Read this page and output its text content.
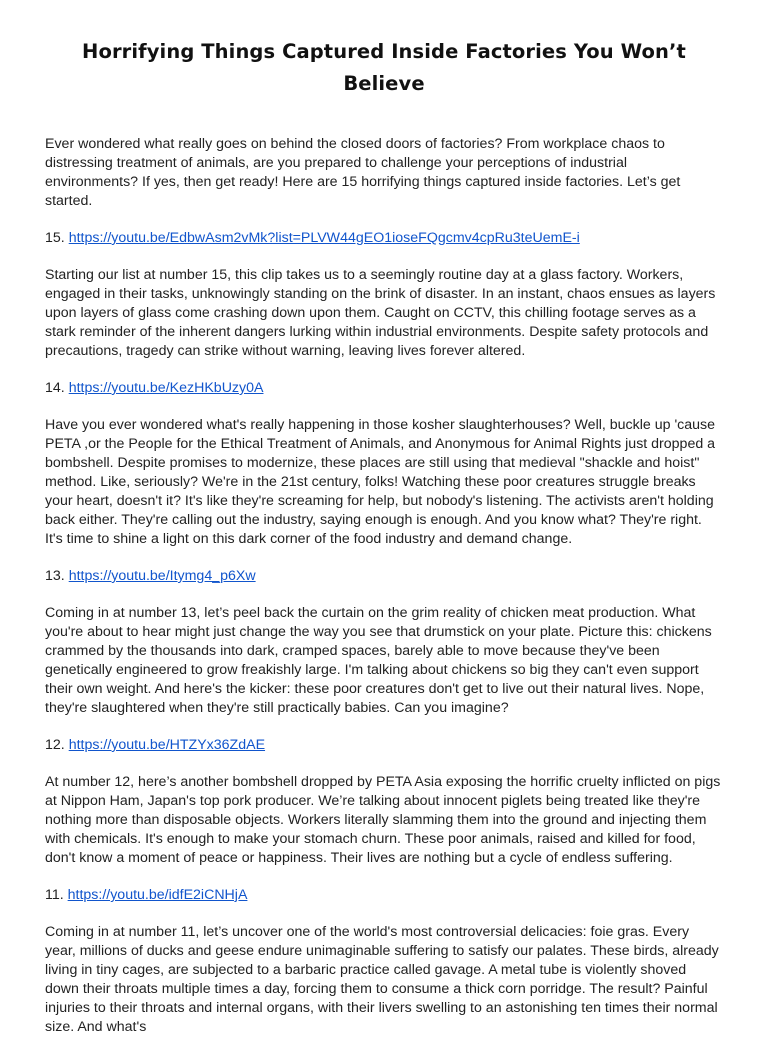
Horrifying Things Captured Inside Factories You Won’t Believe

Ever wondered what really goes on behind the closed doors of factories? From workplace chaos to distressing treatment of animals, are you prepared to challenge your perceptions of industrial environments? If yes, then get ready! Here are 15 horrifying things captured inside factories. Let’s get started.

15. https://youtu.be/EdbwAsm2vMk?list=PLVW44gEO1ioseFQgcmv4cpRu3teUemE-i

Starting our list at number 15, this clip takes us to a seemingly routine day at a glass factory. Workers, engaged in their tasks, unknowingly standing on the brink of disaster. In an instant, chaos ensues as layers upon layers of glass come crashing down upon them. Caught on CCTV, this chilling footage serves as a stark reminder of the inherent dangers lurking within industrial environments. Despite safety protocols and precautions, tragedy can strike without warning, leaving lives forever altered.

14. https://youtu.be/KezHKbUzy0A

Have you ever wondered what's really happening in those kosher slaughterhouses? Well, buckle up 'cause PETA ,or the People for the Ethical Treatment of Animals, and Anonymous for Animal Rights just dropped a bombshell. Despite promises to modernize, these places are still using that medieval "shackle and hoist" method. Like, seriously? We're in the 21st century, folks! Watching these poor creatures struggle breaks your heart, doesn't it? It's like they're screaming for help, but nobody's listening. The activists aren't holding back either. They're calling out the industry, saying enough is enough. And you know what? They're right. It's time to shine a light on this dark corner of the food industry and demand change.

13. https://youtu.be/Itymg4_p6Xw

Coming in at number 13, let’s peel back the curtain on the grim reality of chicken meat production. What you're about to hear might just change the way you see that drumstick on your plate. Picture this: chickens crammed by the thousands into dark, cramped spaces, barely able to move because they've been genetically engineered to grow freakishly large. I'm talking about chickens so big they can't even support their own weight. And here's the kicker: these poor creatures don't get to live out their natural lives. Nope, they're slaughtered when they're still practically babies. Can you imagine?

12. https://youtu.be/HTZYx36ZdAE

At number 12, here’s another bombshell dropped by PETA Asia exposing the horrific cruelty inflicted on pigs at Nippon Ham, Japan's top pork producer. We’re talking about innocent piglets being treated like they're nothing more than disposable objects. Workers literally slamming them into the ground and injecting them with chemicals. It's enough to make your stomach churn. These poor animals, raised and killed for food, don't know a moment of peace or happiness. Their lives are nothing but a cycle of endless suffering.

11. https://youtu.be/idfE2iCNHjA

Coming in at number 11, let’s uncover one of the world's most controversial delicacies: foie gras. Every year, millions of ducks and geese endure unimaginable suffering to satisfy our palates. These birds, already living in tiny cages, are subjected to a barbaric practice called gavage. A metal tube is violently shoved down their throats multiple times a day, forcing them to consume a thick corn porridge. The result? Painful injuries to their throats and internal organs, with their livers swelling to an astonishing ten times their normal size. And what's
